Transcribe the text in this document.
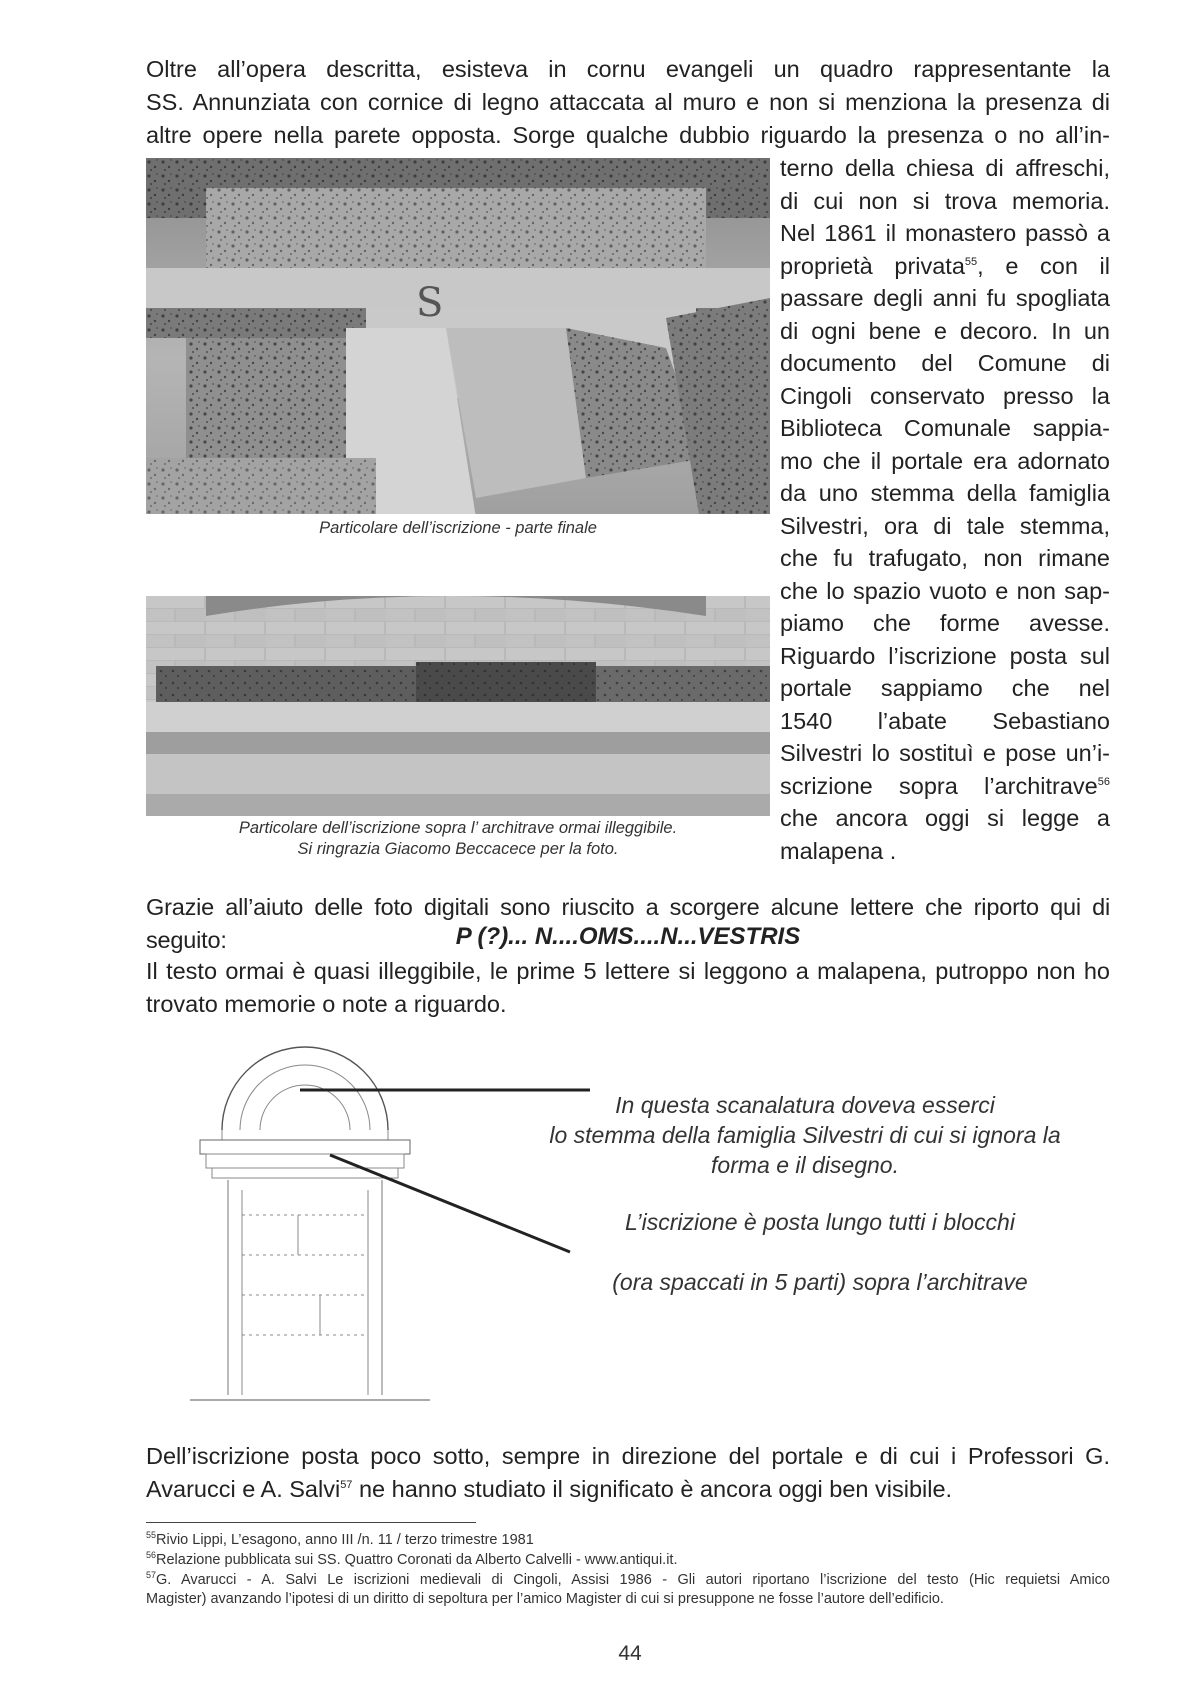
Oltre all’opera descritta, esisteva in cornu evangeli un quadro rappresentante la
SS. Annunziata con cornice di legno attaccata al muro e non si menziona la presenza di
altre opere nella parete opposta. Sorge qualche dubbio riguardo la presenza o no all’in-
terno della chiesa di affreschi,
di cui non si trova memoria.
Nel 1861 il monastero passò a
proprietà privata$^{55}$, e con il
passare degli anni fu spogliata
di ogni bene e decoro. In un
documento del Comune di
Cingoli conservato presso la
Biblioteca Comunale sappia-
mo che il portale era adornato
da uno stemma della famiglia
Silvestri, ora di tale stemma,
che fu trafugato, non rimane
che lo spazio vuoto e non sap-
piamo che forme avesse.
Riguardo l’iscrizione posta sul
portale sappiamo che nel
1540 l’abate Sebastiano
Silvestri lo sostituì e pose un’i-
scrizione sopra l’architrave$^{56}$
che ancora oggi si legge a
malapena .
S
Particolare dell’iscrizione - parte finale
Particolare dell’iscrizione sopra l’ architrave ormai illeggibile.
Si ringrazia Giacomo Beccacece per la foto.
Grazie all’aiuto delle foto digitali sono riuscito a scorgere alcune lettere che riporto qui di seguito:	P (?)... N....OMS....N...VESTRIS
Il testo ormai è quasi illeggibile, le prime 5 lettere si leggono a malapena, putroppo non ho
trovato memorie o note a riguardo.
In questa scanalatura doveva esserci
lo stemma della famiglia Silvestri di cui si ignora la
forma e il disegno.
L’iscrizione è posta lungo tutti i blocchi
(ora spaccati in 5 parti) sopra l’architrave
Dell’iscrizione posta poco sotto, sempre in direzione del portale e di cui i Professori G.
Avarucci e A. Salvi$^{57}$ ne hanno studiato il significato è ancora oggi ben visibile.
$^{55}$Rivio Lippi, L’esagono, anno III /n. 11 / terzo trimestre 1981
$^{56}$Relazione pubblicata sui SS. Quattro Coronati da Alberto Calvelli - www.antiqui.it.
$^{57}$G. Avarucci - A. Salvi Le iscrizioni medievali di Cingoli, Assisi 1986 - Gli autori riportano l’iscrizione del testo (Hic requietsi Amico
Magister) avanzando l’ipotesi di un diritto di sepoltura per l’amico Magister di cui si presuppone ne fosse l’autore dell’edificio.
44
